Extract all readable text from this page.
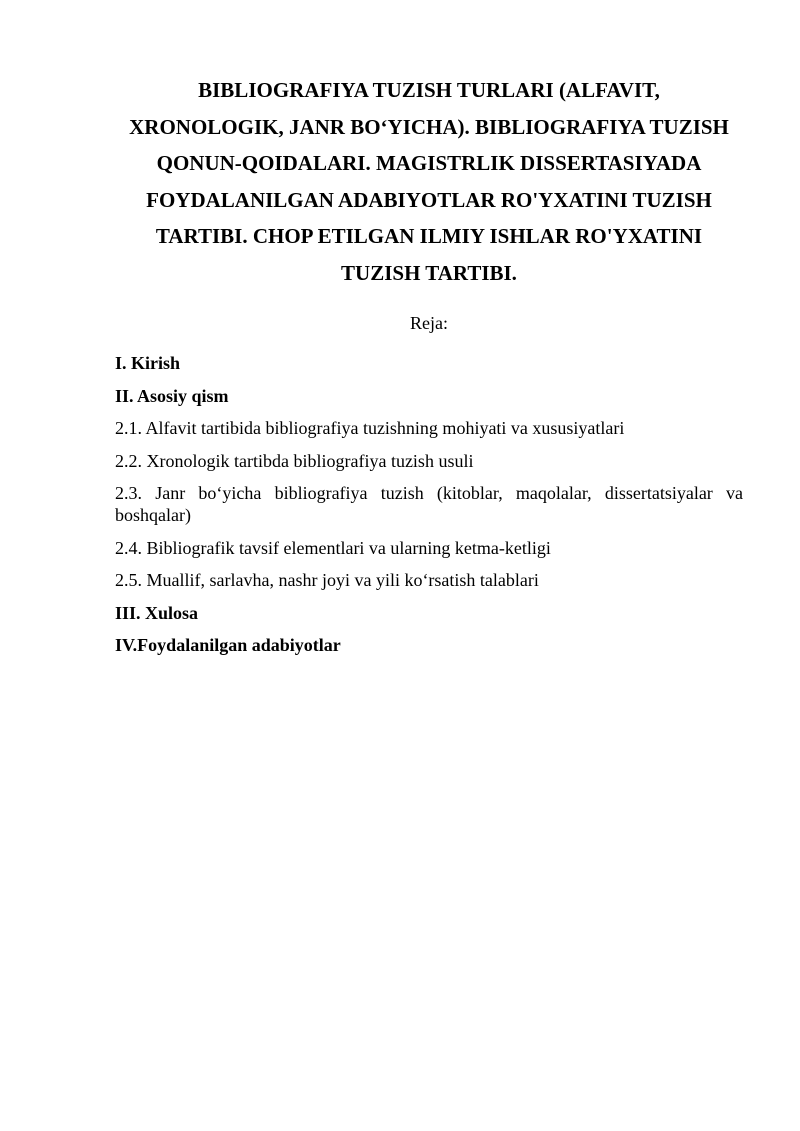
BIBLIOGRAFIYA TUZISH TURLARI (ALFAVIT,
XRONOLOGIK, JANR BO‘YICHA). BIBLIOGRAFIYA TUZISH
QONUN-QOIDALARI. MAGISTRLIK DISSERTASIYADA
FOYDALANILGAN ADABIYOTLAR RO'YXATINI TUZISH
TARTIBI. CHOP ETILGAN ILMIY ISHLAR RO'YXATINI
TUZISH TARTIBI.

Reja:

I. Kirish
II. Asosiy qism
2.1. Alfavit tartibida bibliografiya tuzishning mohiyati va xususiyatlari
2.2. Xronologik tartibda bibliografiya tuzish usuli
2.3. Janr bo‘yicha bibliografiya tuzish (kitoblar, maqolalar, dissertatsiyalar va boshqalar)
2.4. Bibliografik tavsif elementlari va ularning ketma-ketligi
2.5. Muallif, sarlavha, nashr joyi va yili ko‘rsatish talablari
III. Xulosa
IV.Foydalanilgan adabiyotlar
